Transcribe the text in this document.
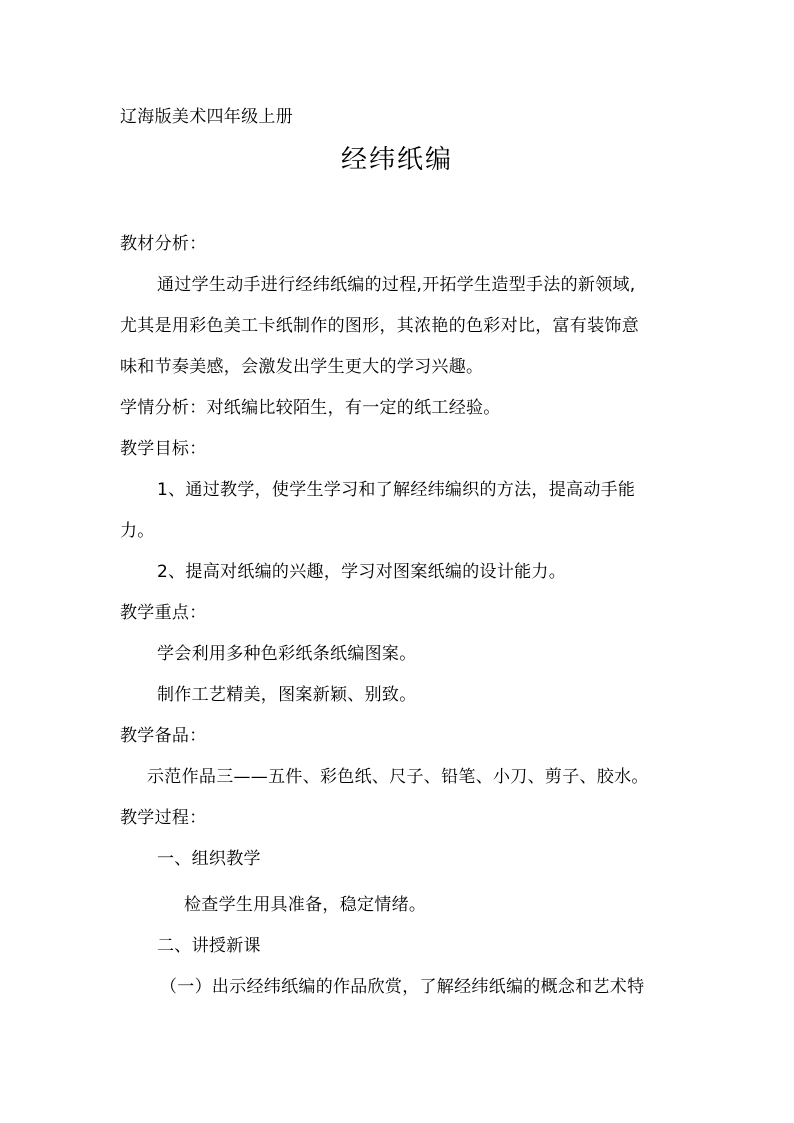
辽海版美术四年级上册
经纬纸编
教材分析：
通过学生动手进行经纬纸编的过程,开拓学生造型手法的新领域,
尤其是用彩色美工卡纸制作的图形，其浓艳的色彩对比，富有装饰意
味和节奏美感，会激发出学生更大的学习兴趣。
学情分析：对纸编比较陌生，有一定的纸工经验。
教学目标：
1、通过教学，使学生学习和了解经纬编织的方法，提高动手能
力。
2、提高对纸编的兴趣，学习对图案纸编的设计能力。
教学重点：
学会利用多种色彩纸条纸编图案。
制作工艺精美，图案新颖、别致。
教学备品：
示范作品三——五件、彩色纸、尺子、铅笔、小刀、剪子、胶水。
教学过程：
一、组织教学
检查学生用具准备，稳定情绪。
二、讲授新课
（一）出示经纬纸编的作品欣赏，了解经纬纸编的概念和艺术特
